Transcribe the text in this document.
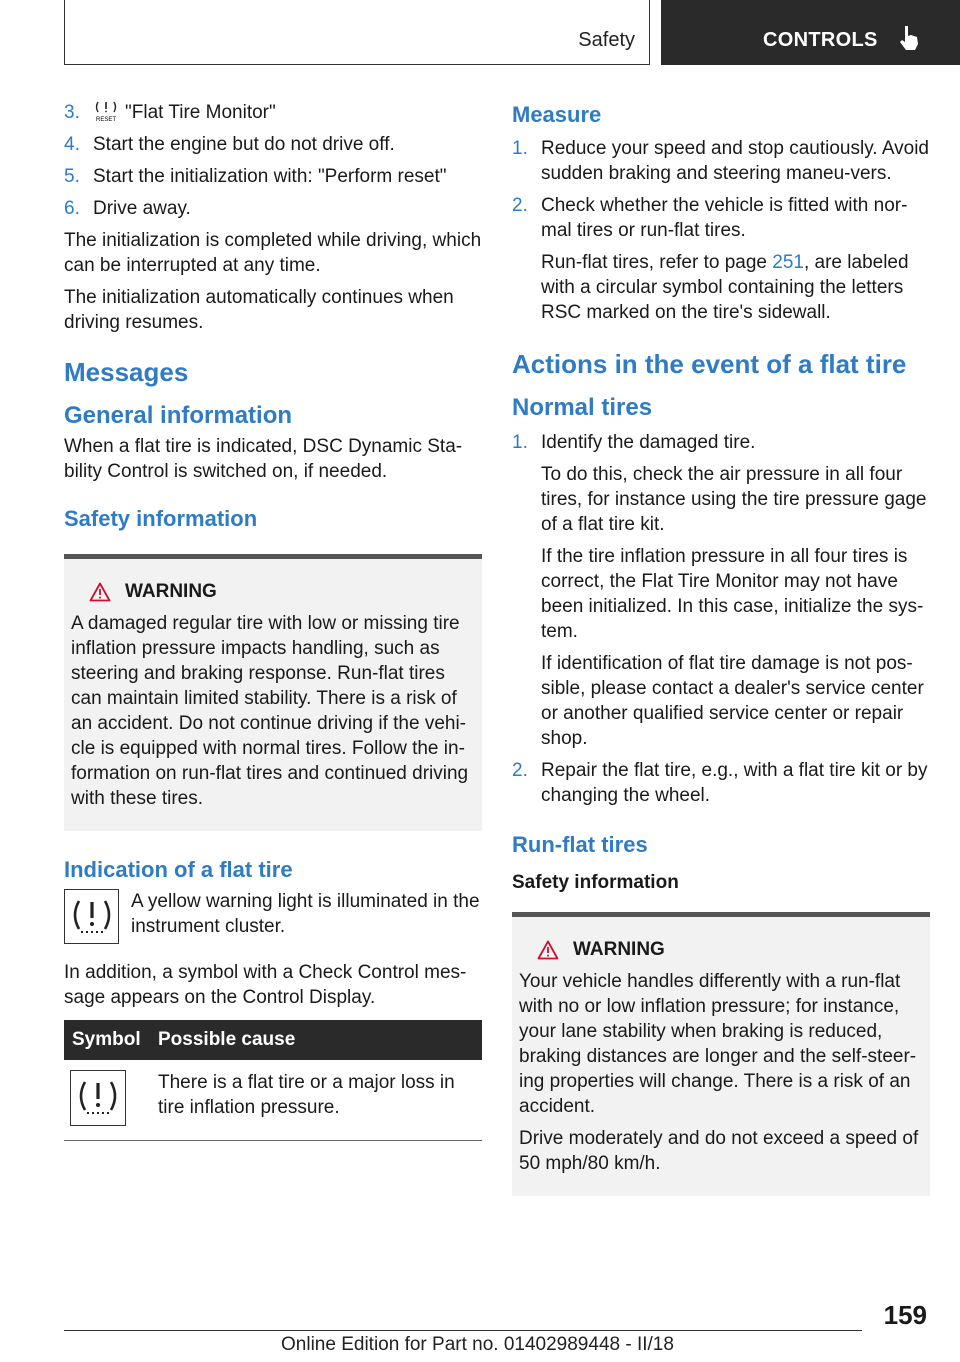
Safety	CONTROLS
3.	RESET "Flat Tire Monitor"
4. Start the engine but do not drive off.
5. Start the initialization with: "Perform reset"
6. Drive away.

The initialization is completed while driving, which can be interrupted at any time.

The initialization automatically continues when driving resumes.

Messages
General information

When a flat tire is indicated, DSC Dynamic Sta-bility Control is switched on, if needed.

Safety information
WARNING

A damaged regular tire with low or missing tire inflation pressure impacts handling, such as steering and braking response. Run-flat tires can maintain limited stability. There is a risk of an accident. Do not continue driving if the vehi-cle is equipped with normal tires. Follow the in-formation on run-flat tires and continued driving with these tires.

Indication of a flat tire

A yellow warning light is illuminated in the instrument cluster.

In addition, a symbol with a Check Control mes-sage appears on the Control Display.

Symbol	Possible cause

	There is a flat tire or a major loss in tire inflation pressure.
Measure
1. Reduce your speed and stop cautiously. Avoid sudden braking and steering maneu-vers.
2. Check whether the vehicle is fitted with nor-mal tires or run-flat tires.

Run-flat tires, refer to page 251, are labeled with a circular symbol containing the letters RSC marked on the tire's sidewall.

Actions in the event of a flat tire
Normal tires
1. Identify the damaged tire.

To do this, check the air pressure in all four tires, for instance using the tire pressure gage of a flat tire kit.

If the tire inflation pressure in all four tires is correct, the Flat Tire Monitor may not have been initialized. In this case, initialize the sys-tem.

If identification of flat tire damage is not pos-sible, please contact a dealer's service center or another qualified service center or repair shop.

2. Repair the flat tire, e.g., with a flat tire kit or by changing the wheel.
Run-flat tires
Safety information
WARNING

Your vehicle handles differently with a run-flat with no or low inflation pressure; for instance, your lane stability when braking is reduced, braking distances are longer and the self-steer-ing properties will change. There is a risk of an accident.

Drive moderately and do not exceed a speed of 50 mph/80 km/h.

159
Online Edition for Part no. 01402989448 - II/18
